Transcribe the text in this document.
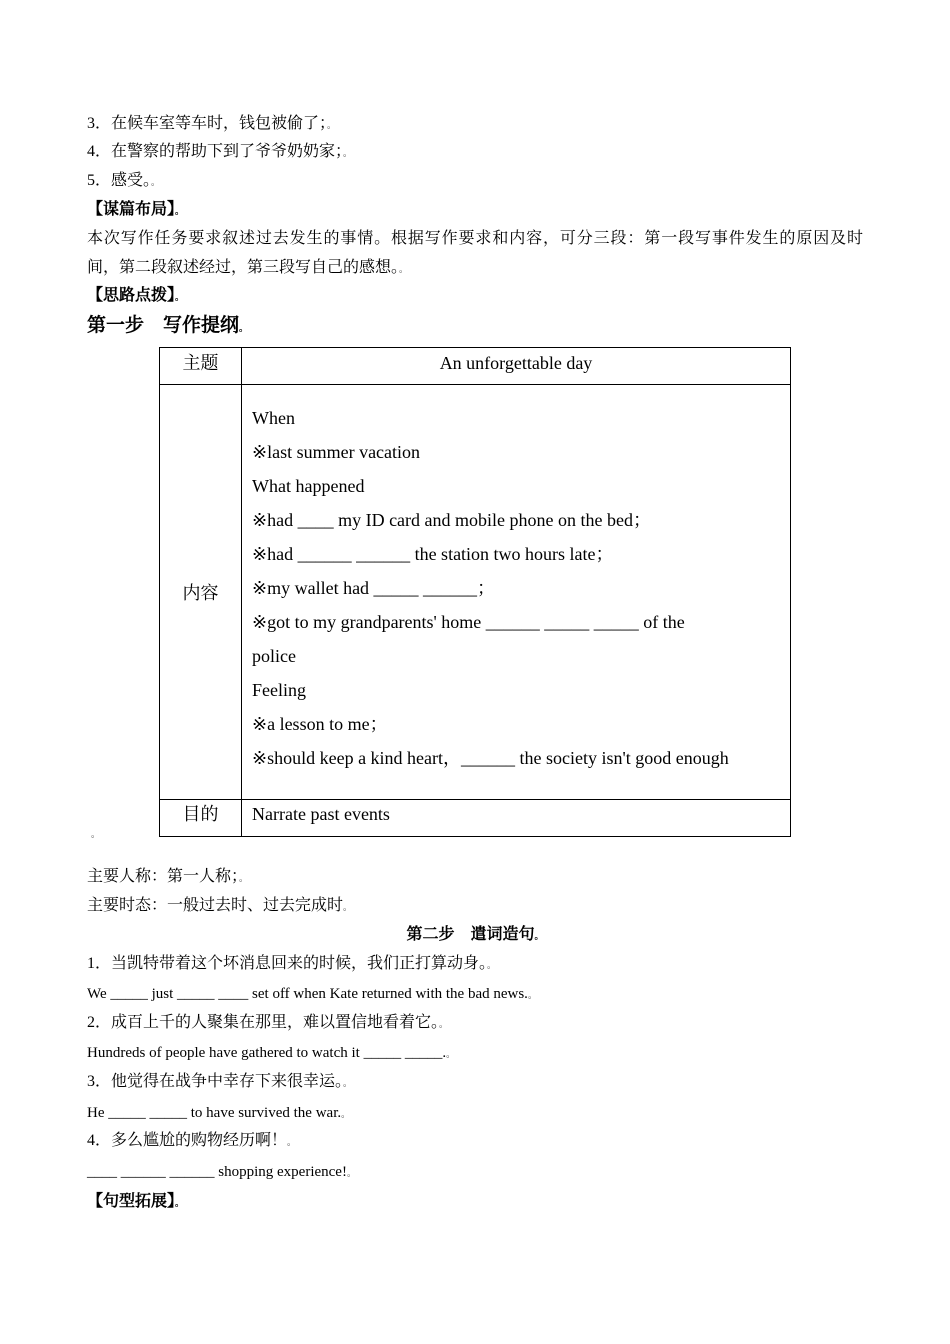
3．在候车室等车时，钱包被偷了；。
4．在警察的帮助下到了爷爷奶奶家；。
5．感受。。
【谋篇布局】。
本次写作任务要求叙述过去发生的事情。根据写作要求和内容，可分三段：第一段写事件发生的原因及时
间，第二段叙述经过，第三段写自己的感想。。
【思路点拨】。
第一步　写作提纲。
主题	An unforgettable day
内容
When
※last summer vacation
What happened
※had ____ my ID card and mobile phone on the bed；
※had ______ ______ the station two hours late；
※my wallet had _____ ______；
※got to my grandparents' home ______ _____ _____ of the
police
Feeling
※a lesson to me；
※should keep a kind heart，______ the society isn't good enough
目的	Narrate past events
。
主要人称：第一人称；。
主要时态：一般过去时、过去完成时。
第二步　遣词造句。
1．当凯特带着这个坏消息回来的时候，我们正打算动身。。
We _____ just _____ ____ set off when Kate returned with the bad news.。
2．成百上千的人聚集在那里，难以置信地看着它。。
Hundreds of people have gathered to watch it _____ _____.。
3．他觉得在战争中幸存下来很幸运。。
He _____ _____ to have survived the war.。
4．多么尴尬的购物经历啊！。
____ ______ ______ shopping experience!。
【句型拓展】。
